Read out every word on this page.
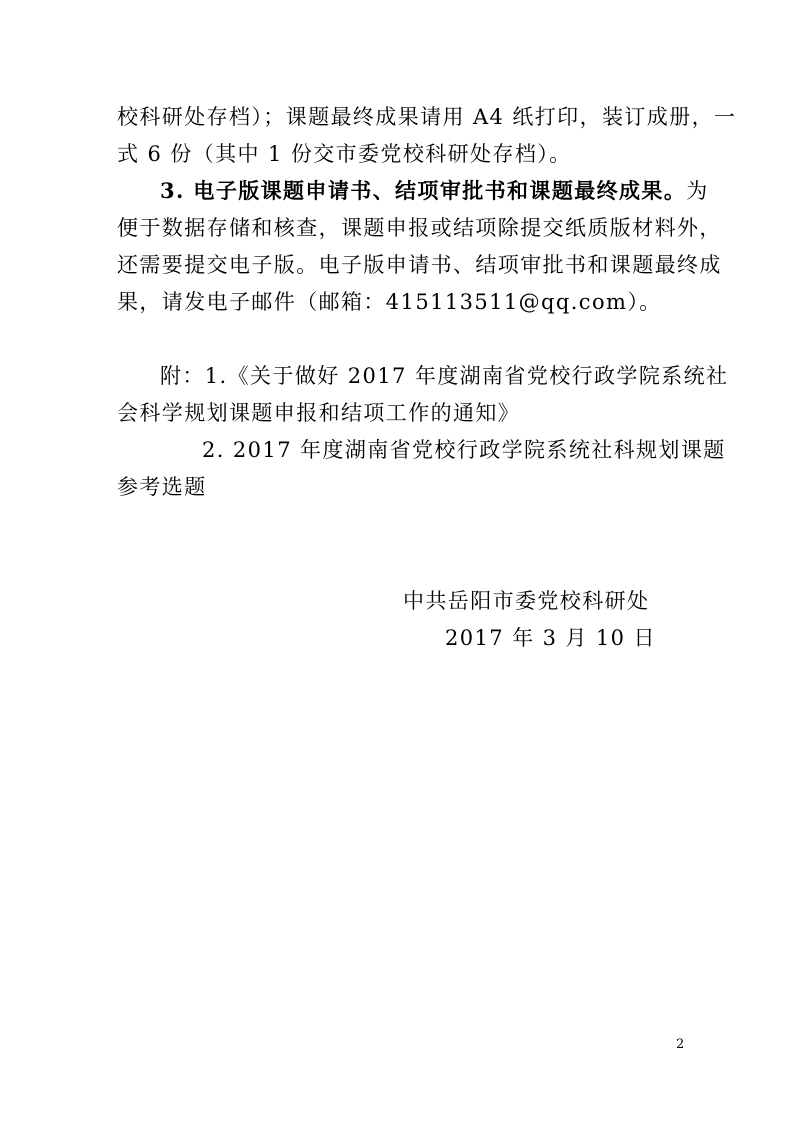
校科研处存档）；课题最终成果请用 A4 纸打印，装订成册，一
式 6 份（其中 1 份交市委党校科研处存档）。
3. 电子版课题申请书、结项审批书和课题最终成果。为
便于数据存储和核查，课题申报或结项除提交纸质版材料外，
还需要提交电子版。电子版申请书、结项审批书和课题最终成
果，请发电子邮件（邮箱：415113511@qq.com）。
附：1.《关于做好 2017 年度湖南省党校行政学院系统社
会科学规划课题申报和结项工作的通知》
2. 2017 年度湖南省党校行政学院系统社科规划课题
参考选题
中共岳阳市委党校科研处
2017 年 3 月 10 日
2
